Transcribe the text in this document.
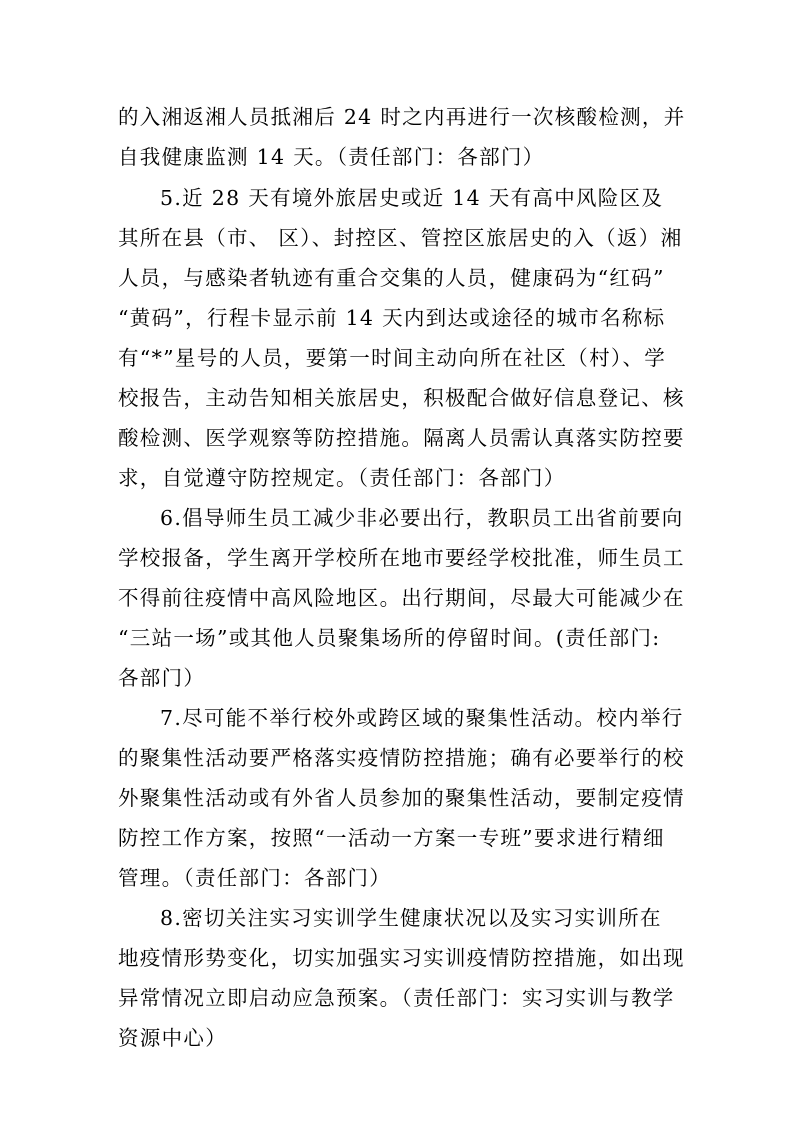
的入湘返湘人员抵湘后 24 时之内再进行一次核酸检测，并
自我健康监测 14 天。（责任部门：各部门）
5.近 28 天有境外旅居史或近 14 天有高中风险区及
其所在县（市、 区）、封控区、管控区旅居史的入（返）湘
人员，与感染者轨迹有重合交集的人员，健康码为“红码”
“黄码”，行程卡显示前 14 天内到达或途径的城市名称标
有“*”星号的人员，要第一时间主动向所在社区（村）、学
校报告，主动告知相关旅居史，积极配合做好信息登记、核
酸检测、医学观察等防控措施。隔离人员需认真落实防控要
求，自觉遵守防控规定。（责任部门：各部门）
6.倡导师生员工减少非必要出行，教职员工出省前要向
学校报备，学生离开学校所在地市要经学校批准，师生员工
不得前往疫情中高风险地区。出行期间，尽最大可能减少在
“三站一场”或其他人员聚集场所的停留时间。(责任部门:
各部门）
7.尽可能不举行校外或跨区域的聚集性活动。校内举行
的聚集性活动要严格落实疫情防控措施；确有必要举行的校
外聚集性活动或有外省人员参加的聚集性活动，要制定疫情
防控工作方案，按照“一活动一方案一专班”要求进行精细
管理。（责任部门：各部门）
8.密切关注实习实训学生健康状况以及实习实训所在
地疫情形势变化，切实加强实习实训疫情防控措施，如出现
异常情况立即启动应急预案。（责任部门：实习实训与教学
资源中心）
